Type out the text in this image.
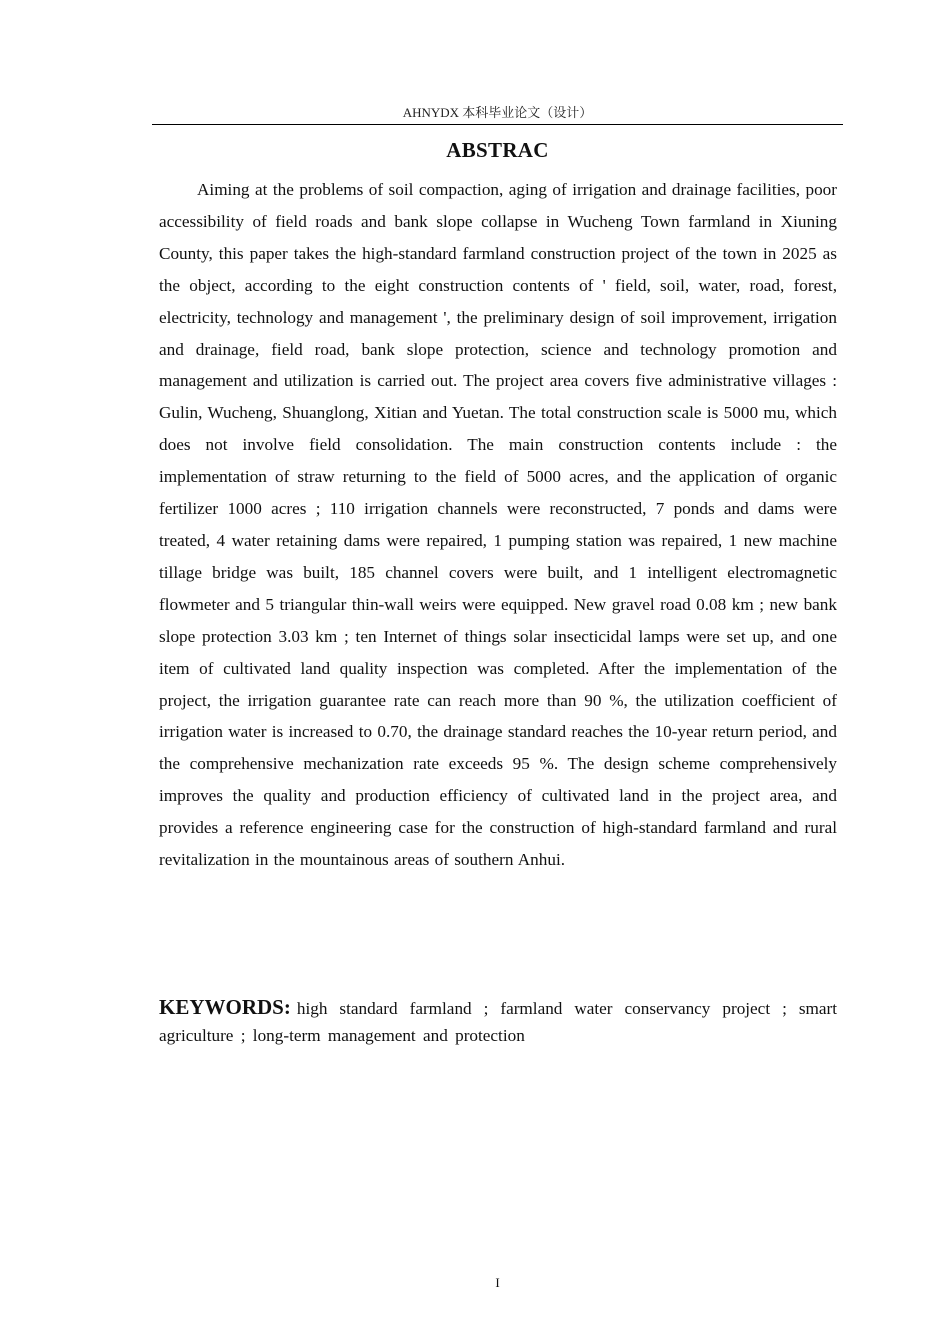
AHNYDX 本科毕业论文（设计）
ABSTRAC

Aiming at the problems of soil compaction, aging of irrigation and drainage facilities, poor accessibility of field roads and bank slope collapse in Wucheng Town farmland in Xiuning County, this paper takes the high-standard farmland construction project of the town in 2025 as the object, according to the eight construction contents of ' field, soil, water, road, forest, electricity, technology and management ', the preliminary design of soil improvement, irrigation and drainage, field road, bank slope protection, science and technology promotion and management and utilization is carried out. The project area covers five administrative villages : Gulin, Wucheng, Shuanglong, Xitian and Yuetan. The total construction scale is 5000 mu, which does not involve field consolidation. The main construction contents include : the implementation of straw returning to the field of 5000 acres, and the application of organic fertilizer 1000 acres ; 110 irrigation channels were reconstructed, 7 ponds and dams were treated, 4 water retaining dams were repaired, 1 pumping station was repaired, 1 new machine tillage bridge was built, 185 channel covers were built, and 1 intelligent electromagnetic flowmeter and 5 triangular thin-wall weirs were equipped. New gravel road 0.08 km ; new bank slope protection 3.03 km ; ten Internet of things solar insecticidal lamps were set up, and one item of cultivated land quality inspection was completed. After the implementation of the project, the irrigation guarantee rate can reach more than 90 %, the utilization coefficient of irrigation water is increased to 0.70, the drainage standard reaches the 10-year return period, and the comprehensive mechanization rate exceeds 95 %. The design scheme comprehensively improves the quality and production efficiency of cultivated land in the project area, and provides a reference engineering case for the construction of high-standard farmland and rural revitalization in the mountainous areas of southern Anhui.

KEYWORDS: high standard farmland ; farmland water conservancy project ; smart agriculture ; long-term management and protection

I
